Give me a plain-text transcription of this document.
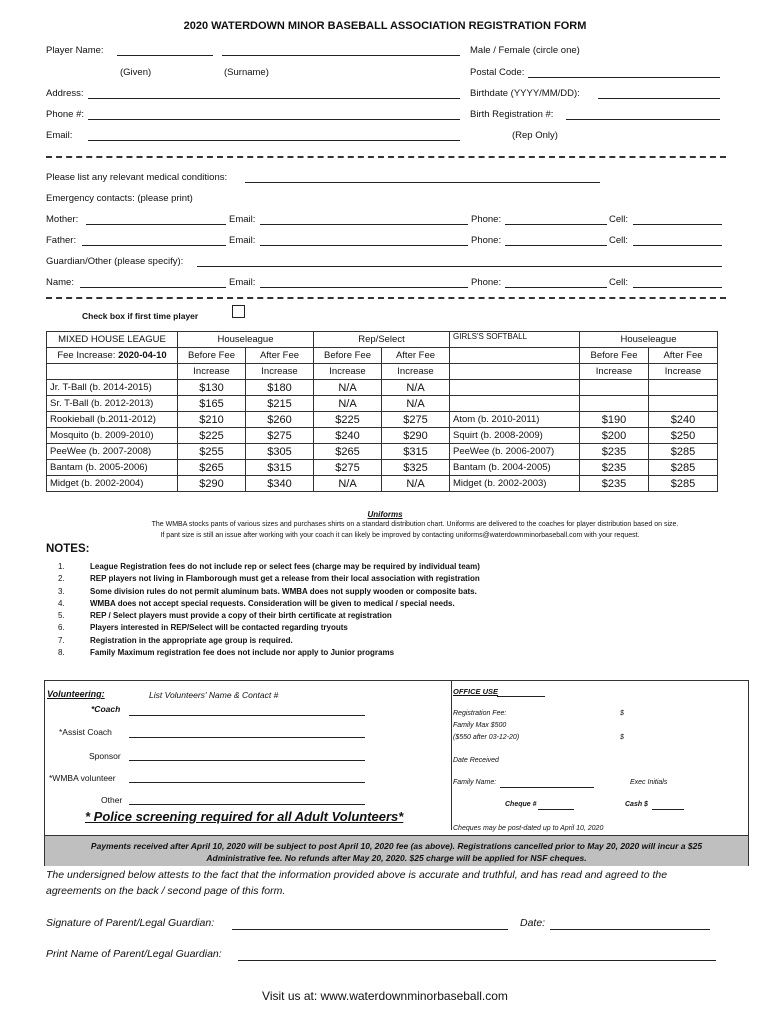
2020 WATERDOWN MINOR BASEBALL ASSOCIATION REGISTRATION FORM
Player Name:	Male / Female (circle one)
(Given)	(Surname)	Postal Code:
Address:	Birthdate (YYYY/MM/DD):
Phone #:	Birth Registration #:
Email:	(Rep Only)
Please list any relevant medical conditions:
Emergency contacts: (please print)
Mother:	Email:	Phone:	Cell:
Father:	Email:	Phone:	Cell:
Guardian/Other (please specify):
Name:	Email:	Phone:	Cell:
Check box if first time player
MIXED HOUSE LEAGUE	Houseleague		Rep/Select		GIRLS'S SOFTBALL	Houseleague	
Fee Increase: 2020-04-10	Before Fee	After Fee	Before Fee	After Fee		Before Fee	After Fee
	Increase	Increase	Increase	Increase		Increase	Increase
Jr. T-Ball (b. 2014-2015)	$130	$180	N/A	N/A			
Sr. T-Ball (b. 2012-2013)	$165	$215	N/A	N/A			
Rookieball (b.2011-2012)	$210	$260	$225	$275	Atom (b. 2010-2011)	$190	$240
Mosquito (b. 2009-2010)	$225	$275	$240	$290	Squirt (b. 2008-2009)	$200	$250
PeeWee (b. 2007-2008)	$255	$305	$265	$315	PeeWee (b. 2006-2007)	$235	$285
Bantam (b. 2005-2006)	$265	$315	$275	$325	Bantam (b. 2004-2005)	$235	$285
Midget (b. 2002-2004)	$290	$340	N/A	N/A	Midget (b. 2002-2003)	$235	$285
Uniforms
The WMBA stocks pants of various sizes and purchases shirts on a standard distribution chart. Uniforms are delivered to the coaches for player distribution based on size.
If pant size is still an issue after working with your coach it can likely be improved by contacting uniforms@waterdownminorbaseball.com with your request.
NOTES:
1.	League Registration fees do not include rep or select fees (charge may be required by individual team)
2.	REP players not living in Flamborough must get a release from their local association with registration
3.	Some division rules do not permit aluminum bats. WMBA does not supply wooden or composite bats.
4.	WMBA does not accept special requests. Consideration will be given to medical / special needs.
5.	REP / Select players must provide a copy of their birth certificate at registration
6.	Players interested in REP/Select will be contacted regarding tryouts
7.	Registration in the appropriate age group is required.
8.	Family Maximum registration fee does not include nor apply to Junior programs
Volunteering:	List Volunteers' Name & Contact #
*Coach
*Assist Coach
Sponsor
*WMBA volunteer
Other
* Police screening required for all Adult Volunteers*
OFFICE USE
Registration Fee:	$
Family Max $500
($550 after 03-12-20)	$
Date Received
Family Name:	Exec Initials
Cheque #	Cash $
Cheques may be post-dated up to April 10, 2020
Payments received after April 10, 2020 will be subject to post April 10, 2020 fee (as above). Registrations cancelled prior to May 20, 2020 will incur a $25
Administrative fee. No refunds after May 20, 2020. $25 charge will be applied for NSF cheques.
The undersigned below attests to the fact that the information provided above is accurate and truthful, and has read and agreed to the
agreements on the back / second page of this form.
Signature of Parent/Legal Guardian:	Date:
Print Name of Parent/Legal Guardian:
Visit us at: www.waterdownminorbaseball.com
